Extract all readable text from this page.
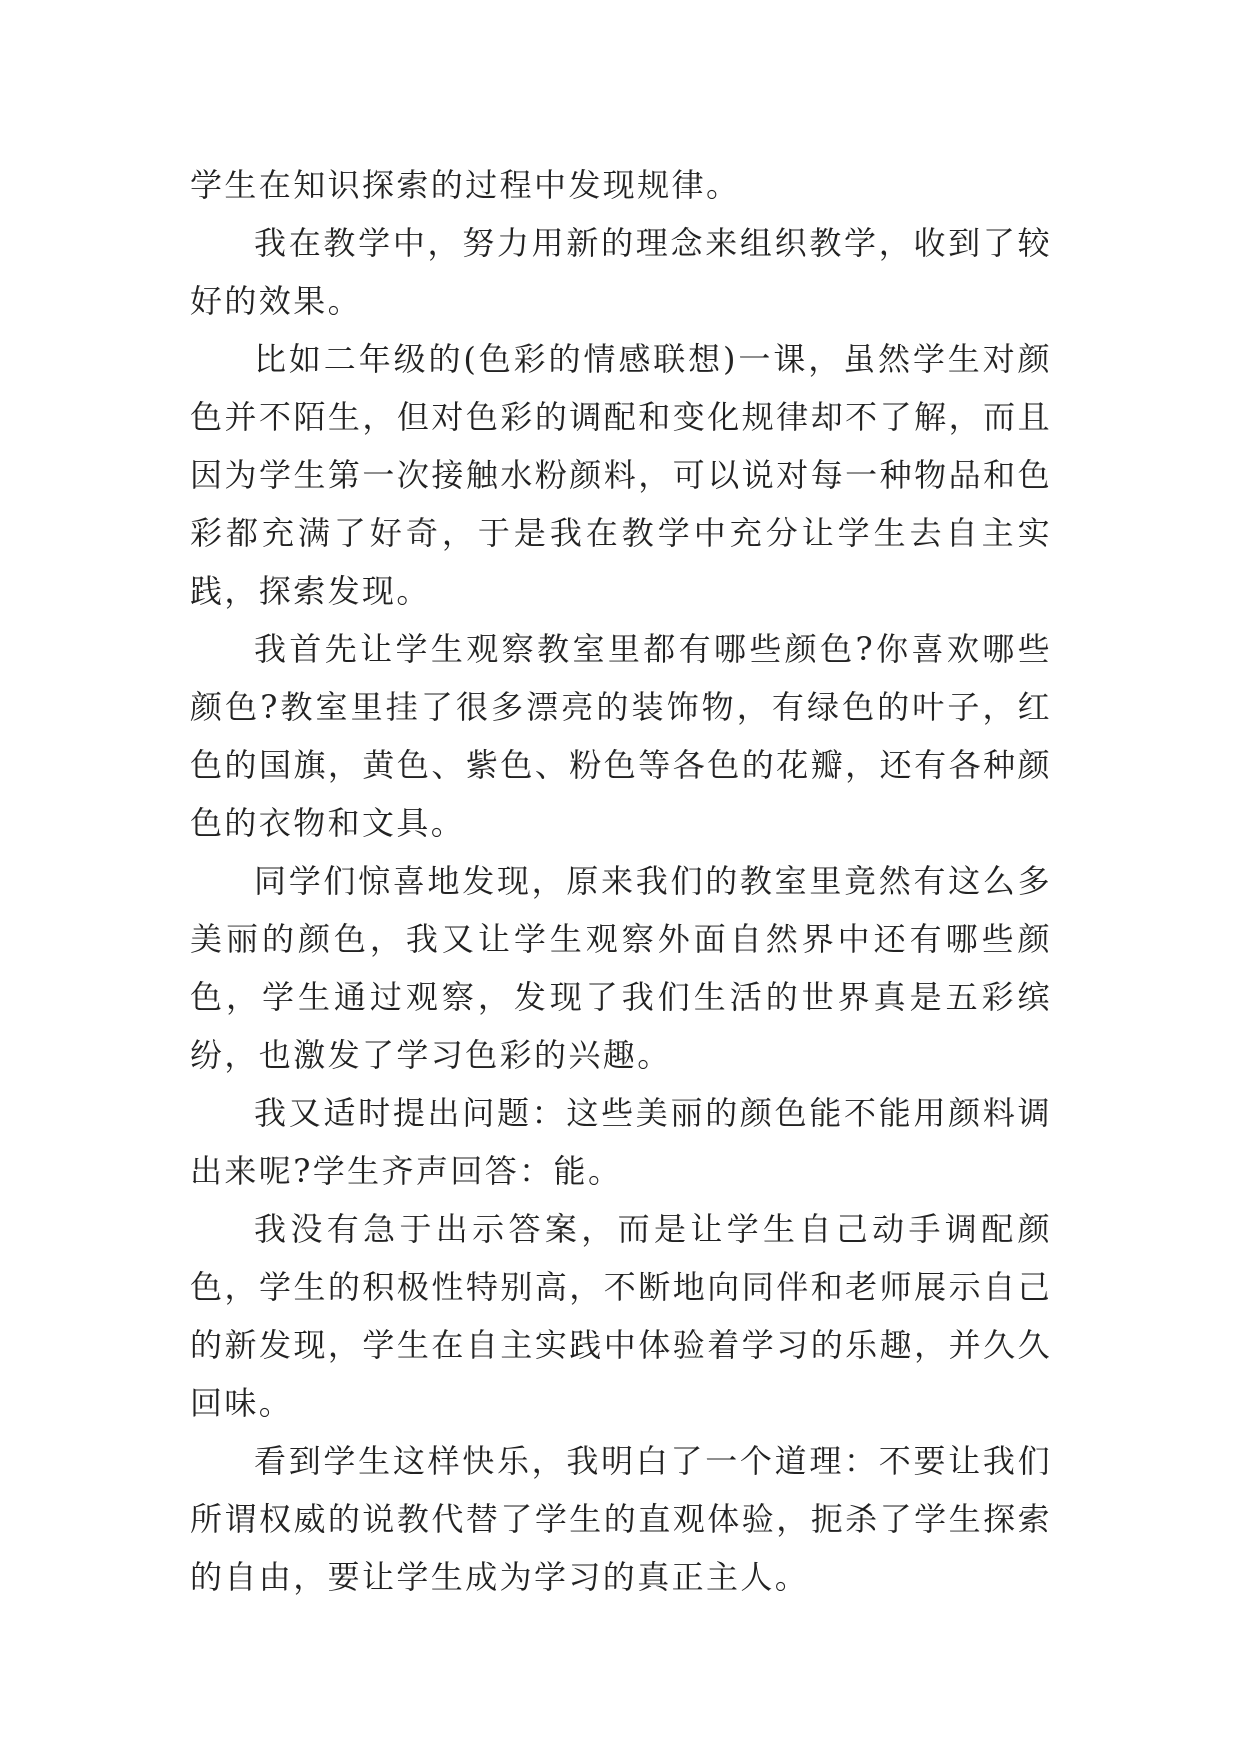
学生在知识探索的过程中发现规律。

我在教学中，努力用新的理念来组织教学，收到了较好的效果。

比如二年级的(色彩的情感联想)一课，虽然学生对颜色并不陌生，但对色彩的调配和变化规律却不了解，而且因为学生第一次接触水粉颜料，可以说对每一种物品和色彩都充满了好奇，于是我在教学中充分让学生去自主实践，探索发现。

我首先让学生观察教室里都有哪些颜色?你喜欢哪些颜色?教室里挂了很多漂亮的装饰物，有绿色的叶子，红色的国旗，黄色、紫色、粉色等各色的花瓣，还有各种颜色的衣物和文具。

同学们惊喜地发现，原来我们的教室里竟然有这么多美丽的颜色，我又让学生观察外面自然界中还有哪些颜色，学生通过观察，发现了我们生活的世界真是五彩缤纷，也激发了学习色彩的兴趣。

我又适时提出问题：这些美丽的颜色能不能用颜料调出来呢?学生齐声回答：能。

我没有急于出示答案，而是让学生自己动手调配颜色，学生的积极性特别高，不断地向同伴和老师展示自己的新发现，学生在自主实践中体验着学习的乐趣，并久久回味。

看到学生这样快乐，我明白了一个道理：不要让我们所谓权威的说教代替了学生的直观体验，扼杀了学生探索的自由，要让学生成为学习的真正主人。
